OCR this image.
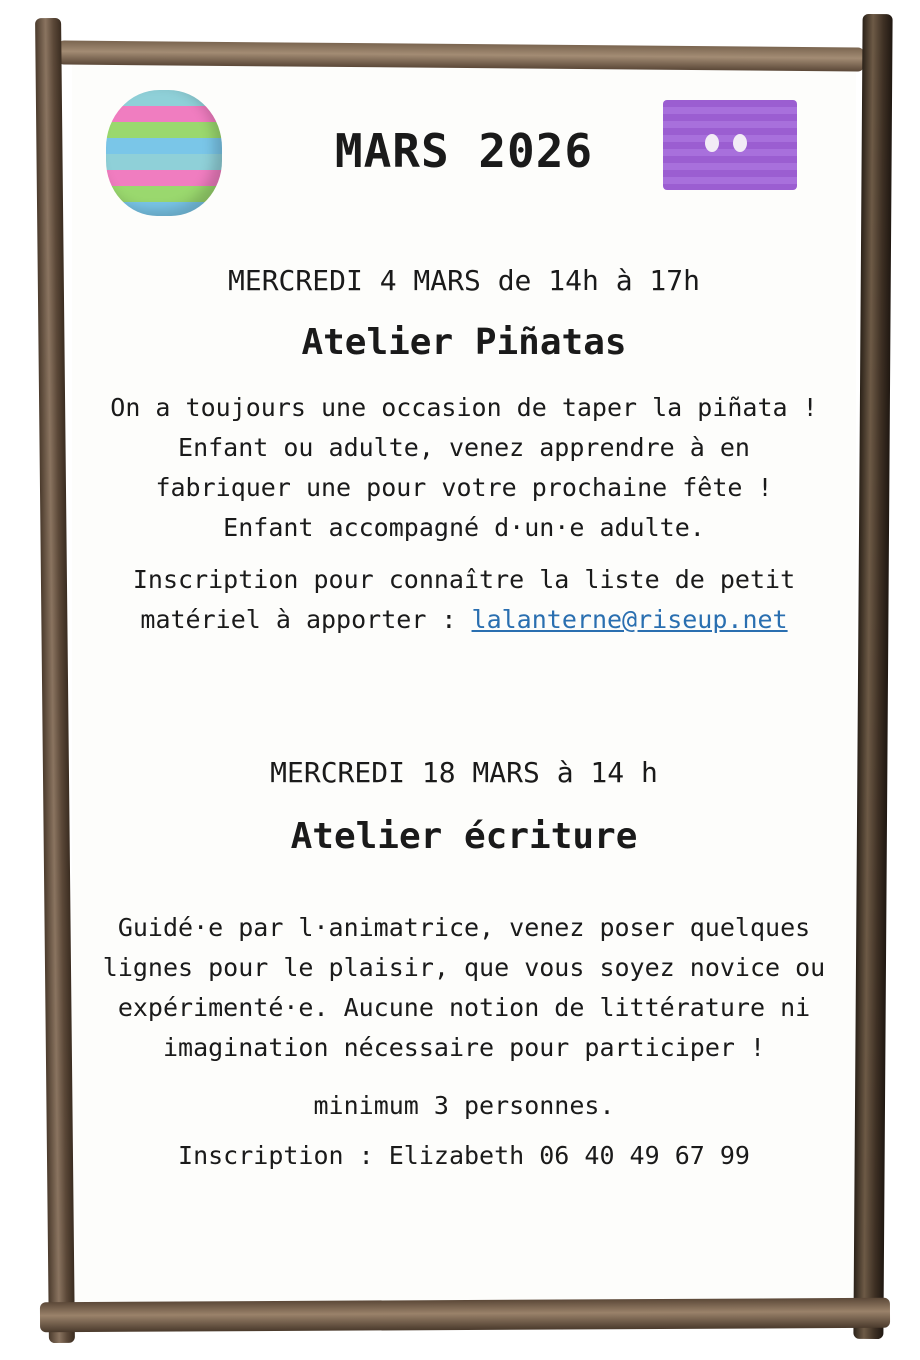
MARS 2026
MERCREDI 4 MARS de 14h à 17h
Atelier Piñatas
On a toujours une occasion de taper la piñata !
Enfant ou adulte, venez apprendre à en
fabriquer une pour votre prochaine fête !
Enfant accompagné d·un·e adulte.
Inscription pour connaître la liste de petit
matériel à apporter : lalanterne@riseup.net
MERCREDI 18 MARS à 14 h
Atelier écriture
Guidé·e par l·animatrice, venez poser quelques
lignes pour le plaisir, que vous soyez novice ou
expérimenté·e. Aucune notion de littérature ni
imagination nécessaire pour participer !
minimum 3 personnes.
Inscription : Elizabeth 06 40 49 67 99
